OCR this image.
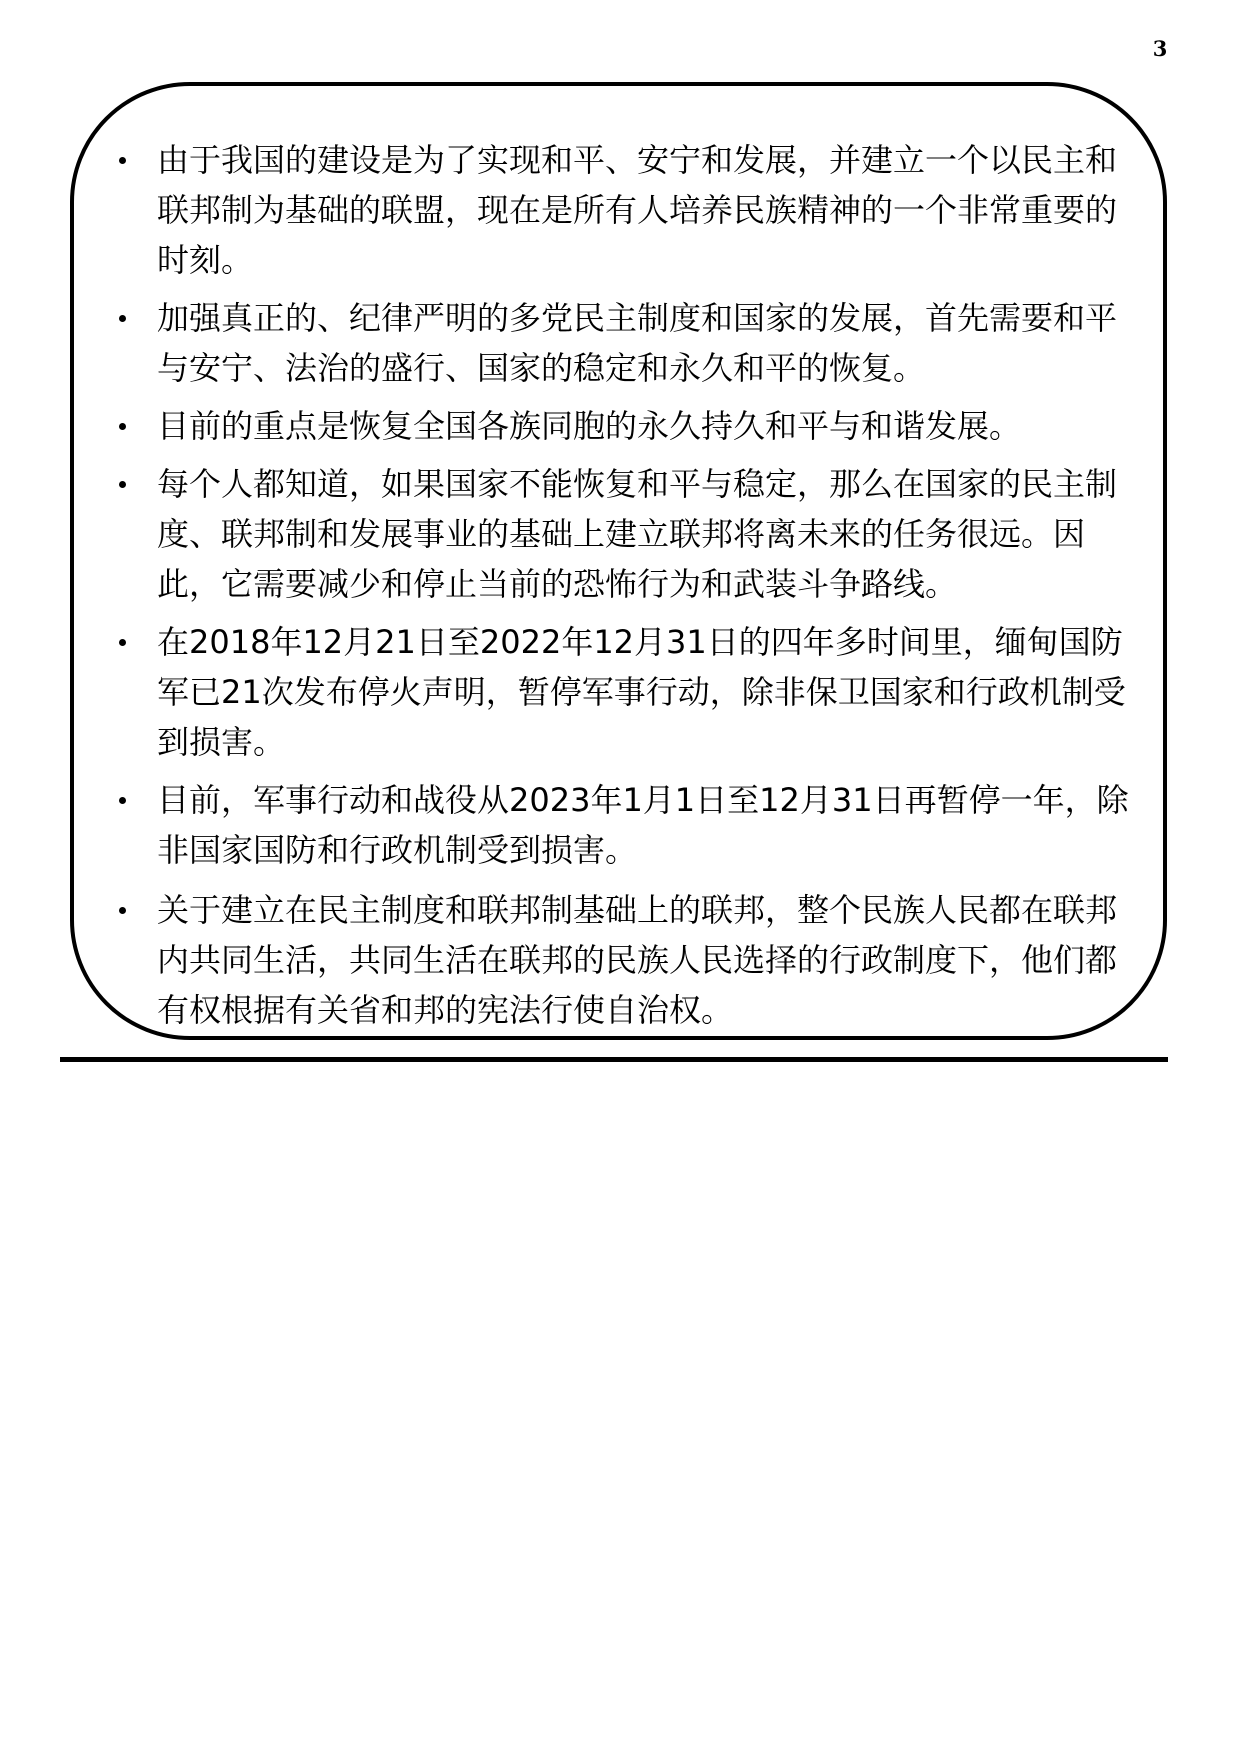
3
由于我国的建设是为了实现和平、安宁和发展，并建立一个以民主和联邦制为基础的联盟，现在是所有人培养民族精神的一个非常重要的时刻。
加强真正的、纪律严明的多党民主制度和国家的发展，首先需要和平与安宁、法治的盛行、国家的稳定和永久和平的恢复。
目前的重点是恢复全国各族同胞的永久持久和平与和谐发展。
每个人都知道，如果国家不能恢复和平与稳定，那么在国家的民主制度、联邦制和发展事业的基础上建立联邦将离未来的任务很远。因此，它需要减少和停止当前的恐怖行为和武装斗争路线。
在2018年12月21日至2022年12月31日的四年多时间里，缅甸国防军已21次发布停火声明，暂停军事行动，除非保卫国家和行政机制受到损害。
目前，军事行动和战役从2023年1月1日至12月31日再暂停一年，除非国家国防和行政机制受到损害。
关于建立在民主制度和联邦制基础上的联邦，整个民族人民都在联邦内共同生活，共同生活在联邦的民族人民选择的行政制度下，他们都有权根据有关省和邦的宪法行使自治权。
